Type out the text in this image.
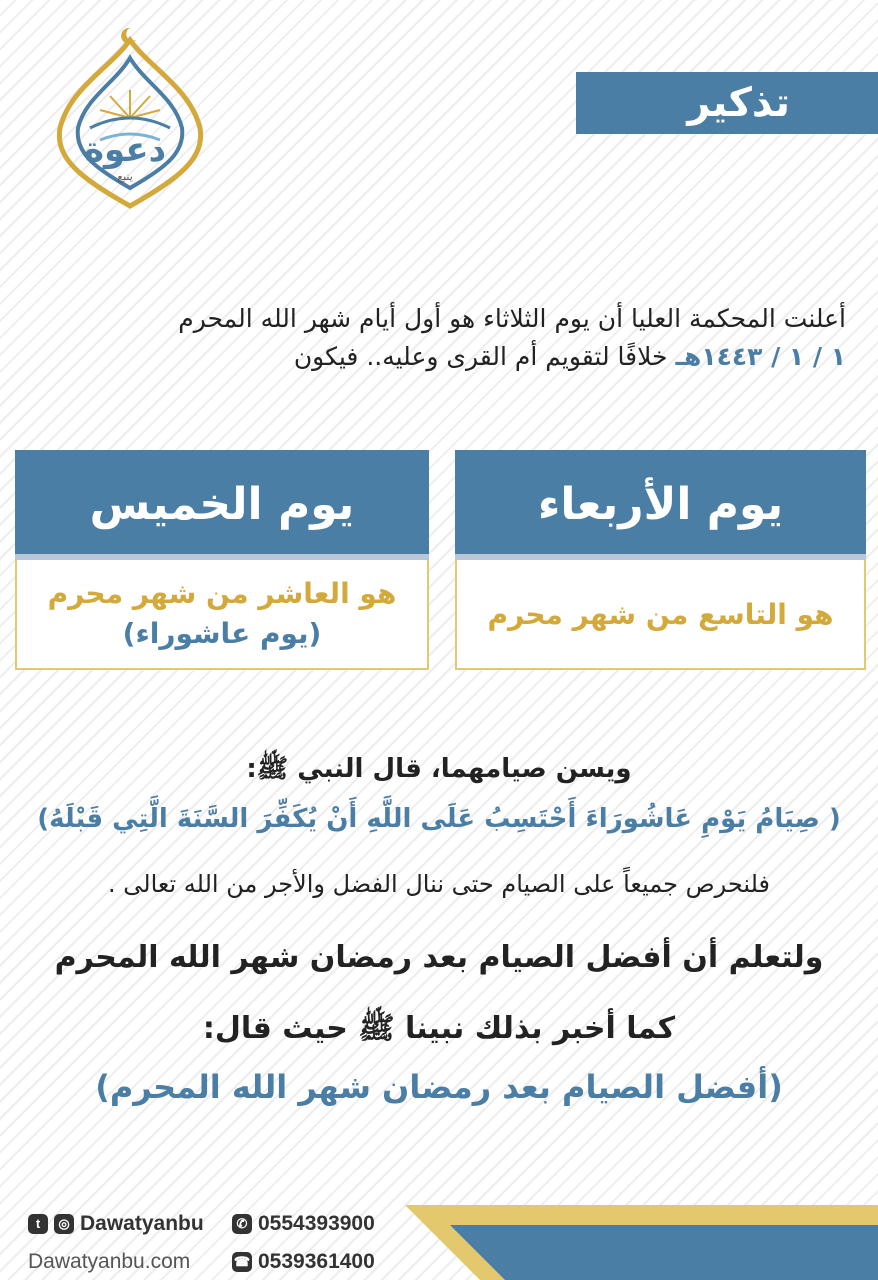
دعوة
ينبع
تذكير
أعلنت المحكمة العليا أن يوم الثلاثاء هو أول أيام شهر الله المحرم
١ / ١ / ١٤٤٣هـ خلافًا لتقويم أم القرى وعليه.. فيكون
يوم الأربعاء
هو التاسع من شهر محرم
يوم الخميس
هو العاشر من شهر محرم
(يوم عاشوراء)
ويسن صيامهما، قال النبي ﷺ:
( صِيَامُ يَوْمِ عَاشُورَاءَ أَحْتَسِبُ عَلَى اللَّهِ أَنْ يُكَفِّرَ السَّنَةَ الَّتِي قَبْلَهُ)
فلنحرص جميعاً على الصيام حتى ننال الفضل والأجر من الله تعالى .
ولتعلم أن أفضل الصيام بعد رمضان شهر الله المحرم
كما أخبر بذلك نبينا ﷺ حيث قال:
(أفضل الصيام بعد رمضان شهر الله المحرم)
t	◎ Dawatyanbu
Dawatyanbu.com
✆ 0554393900
☎ 0539361400
